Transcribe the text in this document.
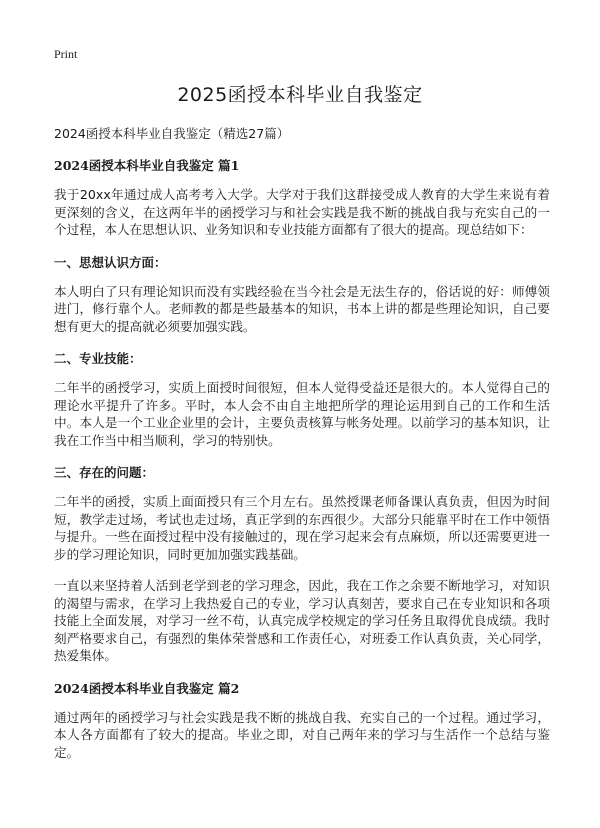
Print
2025函授本科毕业自我鉴定

2024函授本科毕业自我鉴定（精选27篇）

2024函授本科毕业自我鉴定 篇1

我于20xx年通过成人高考考入大学。大学对于我们这群接受成人教育的大学生来说有着更深刻的含义，在这两年半的函授学习与和社会实践是我不断的挑战自我与充实自己的一个过程，本人在思想认识、业务知识和专业技能方面都有了很大的提高。现总结如下：

一、思想认识方面：

本人明白了只有理论知识而没有实践经验在当今社会是无法生存的，俗话说的好：师傅领进门，修行靠个人。老师教的都是些最基本的知识，书本上讲的都是些理论知识，自己要想有更大的提高就必须要加强实践。

二、专业技能：

二年半的函授学习，实质上面授时间很短，但本人觉得受益还是很大的。本人觉得自己的理论水平提升了许多。平时，本人会不由自主地把所学的理论运用到自己的工作和生活中。本人是一个工业企业里的会计，主要负责核算与帐务处理。以前学习的基本知识，让我在工作当中相当顺利，学习的特别快。

三、存在的问题：

二年半的函授，实质上面面授只有三个月左右。虽然授课老师备课认真负责，但因为时间短，教学走过场，考试也走过场，真正学到的东西很少。大部分只能靠平时在工作中领悟与提升。一些在面授过程中没有接触过的，现在学习起来会有点麻烦，所以还需要更进一步的学习理论知识，同时更加加强实践基础。

一直以来坚持着人活到老学到老的学习理念，因此，我在工作之余要不断地学习，对知识的渴望与需求，在学习上我热爱自己的专业，学习认真刻苦，要求自己在专业知识和各项技能上全面发展，对学习一丝不苟，认真完成学校规定的学习任务且取得优良成绩。我时刻严格要求自己，有强烈的集体荣誉感和工作责任心，对班委工作认真负责，关心同学，热爱集体。

2024函授本科毕业自我鉴定 篇2

通过两年的函授学习与社会实践是我不断的挑战自我、充实自己的一个过程。通过学习，本人各方面都有了较大的提高。毕业之即，对自己两年来的学习与生活作一个总结与鉴定。
